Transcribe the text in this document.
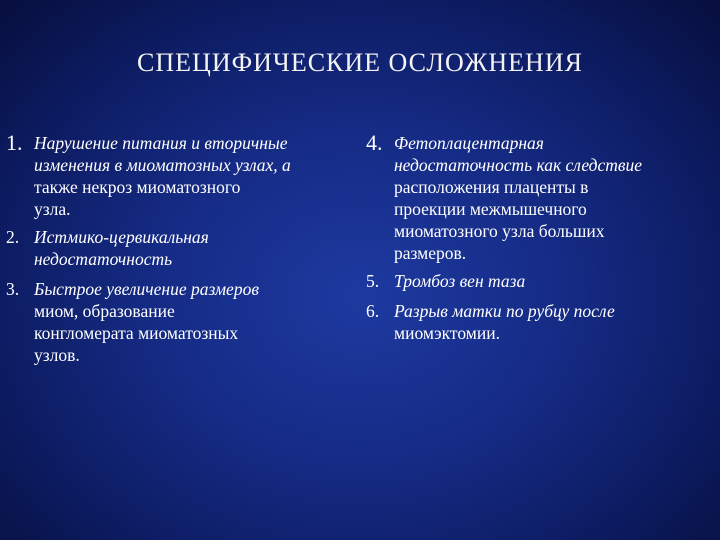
СПЕЦИФИЧЕСКИЕ ОСЛОЖНЕНИЯ
1. Нарушение питания и вторичные
изменения в миоматозных узлах, а
также некроз миоматозного
узла.
2. Истмико-цервикальная
недостаточность
3. Быстрое увеличение размеров
миом, образование
конгломерата миоматозных
узлов.
4. Фетоплацентарная
недостаточность как следствие
расположения плаценты в
проекции межмышечного
миоматозного узла больших
размеров.
5. Тромбоз вен таза
6. Разрыв матки по рубцу после
миомэктомии.
